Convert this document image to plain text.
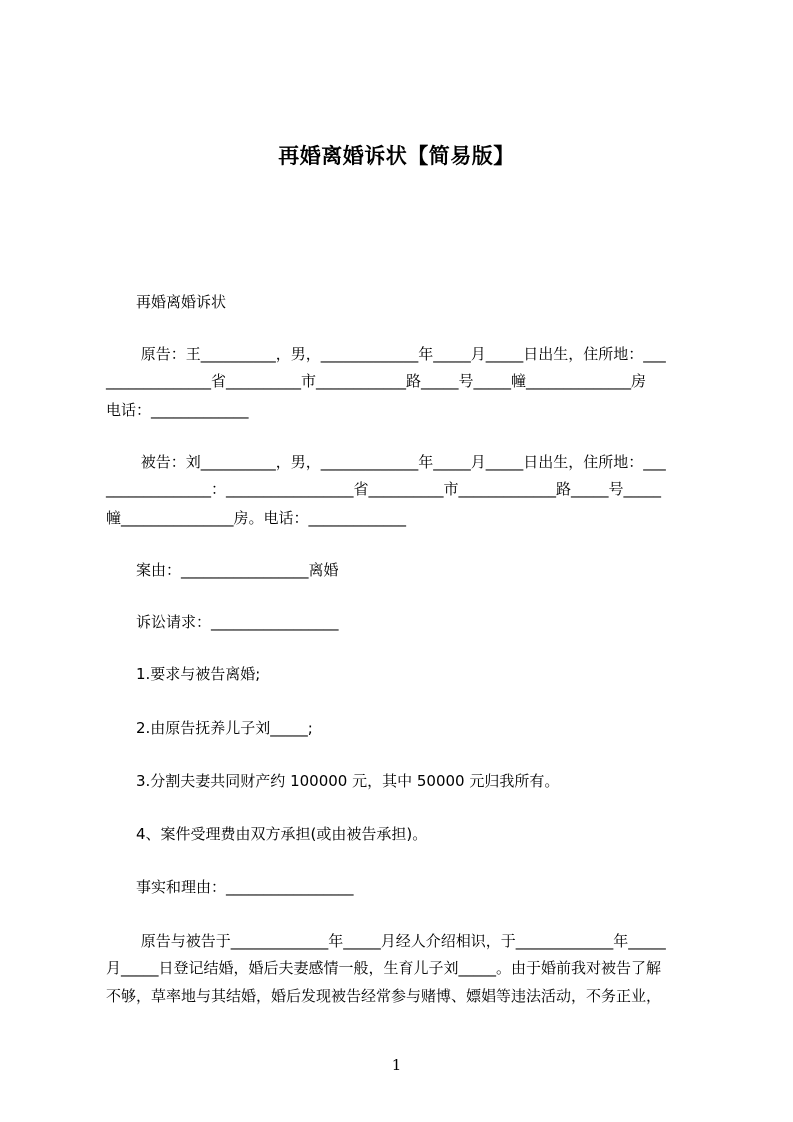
再婚离婚诉状【简易版】
再婚离婚诉状
原告：王__________，男，_____________年_____月_____日出生，住所地：___
______________省__________市____________路_____号_____幢______________房
电话：_____________
被告：刘__________，男，_____________年_____月_____日出生，住所地：___
______________：_________________省__________市_____________路_____号_____
幢_______________房。电话：_____________
案由：_________________离婚
诉讼请求：_________________
1.要求与被告离婚;
2.由原告抚养儿子刘_____;
3.分割夫妻共同财产约 100000 元，其中 50000 元归我所有。
4、案件受理费由双方承担(或由被告承担)。
事实和理由：_________________
原告与被告于_____________年_____月经人介绍相识，于_____________年_____
月_____日登记结婚，婚后夫妻感情一般，生育儿子刘_____。由于婚前我对被告了解
不够，草率地与其结婚，婚后发现被告经常参与赌博、嫖娼等违法活动，不务正业，
1
